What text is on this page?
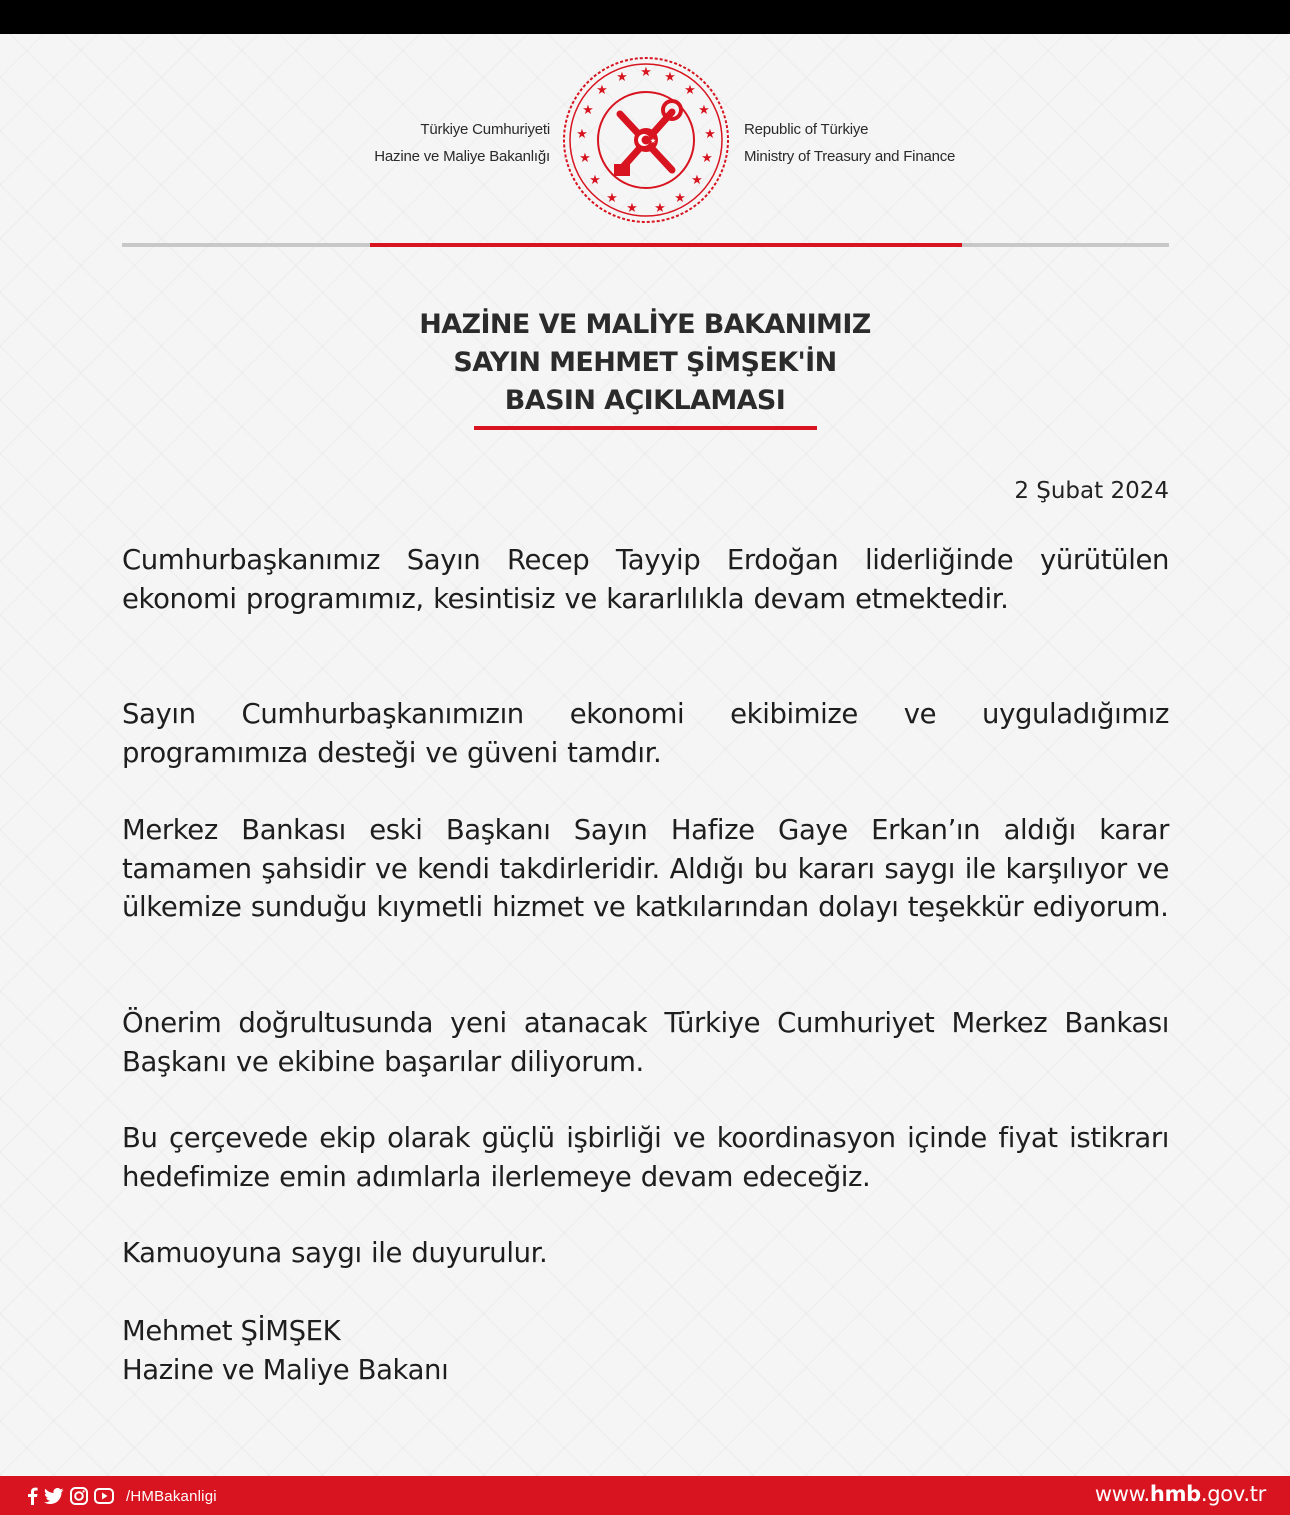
Türkiye Cumhuriyeti
Hazine ve Maliye Bakanlığı
★
★	★
★	★
★	★
★	★
★	★
★	★
★	★
★ ★
★
Republic of Türkiye
Ministry of Treasury and Finance
HAZİNE VE MALİYE BAKANIMIZ
SAYIN MEHMET ŞİMŞEK'İN
BASIN AÇIKLAMASI
2 Şubat 2024
Cumhurbaşkanımız Sayın Recep Tayyip Erdoğan liderliğinde yürütülen ekonomi programımız, kesintisiz ve kararlılıkla devam etmektedir.
Sayın Cumhurbaşkanımızın ekonomi ekibimize ve uyguladığımız programımıza desteği ve güveni tamdır.
Merkez Bankası eski Başkanı Sayın Hafize Gaye Erkan’ın aldığı karar tamamen şahsidir ve kendi takdirleridir. Aldığı bu kararı saygı ile karşılıyor ve ülkemize sunduğu kıymetli hizmet ve katkılarından dolayı teşekkür ediyorum.
Önerim doğrultusunda yeni atanacak Türkiye Cumhuriyet Merkez Bankası Başkanı ve ekibine başarılar diliyorum.
Bu çerçevede ekip olarak güçlü işbirliği ve koordinasyon içinde fiyat istikrarı hedefimize emin adımlarla ilerlemeye devam edeceğiz.
Kamuoyuna saygı ile duyurulur.
Mehmet ŞİMŞEK
Hazine ve Maliye Bakanı
/HMBakanligi	www.hmb.gov.tr
